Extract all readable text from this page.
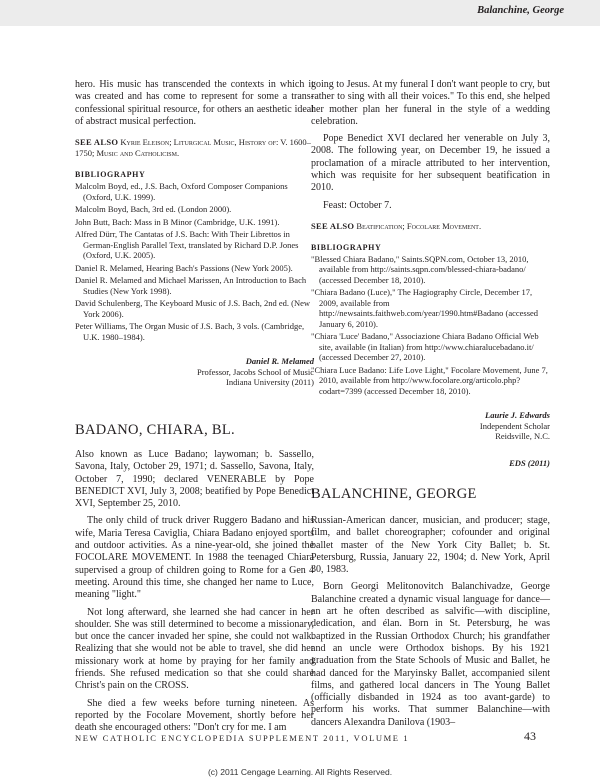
Balanchine, George

hero. His music has transcended the contexts in which it was created and has come to represent for some a trans-confessional spiritual resource, for others an aesthetic ideal of abstract musical perfection.

SEE ALSO Kyrie Eleison; Liturgical Music, History of: V. 1600–1750; Music and Catholicism.

BIBLIOGRAPHY

Malcolm Boyd, ed., J.S. Bach, Oxford Composer Companions (Oxford, U.K. 1999).

Malcolm Boyd, Bach, 3rd ed. (London 2000).

John Butt, Bach: Mass in B Minor (Cambridge, U.K. 1991).

Alfred Dürr, The Cantatas of J.S. Bach: With Their Librettos in German-English Parallel Text, translated by Richard D.P. Jones (Oxford, U.K. 2005).

Daniel R. Melamed, Hearing Bach's Passions (New York 2005).

Daniel R. Melamed and Michael Marissen, An Introduction to Bach Studies (New York 1998).

David Schulenberg, The Keyboard Music of J.S. Bach, 2nd ed. (New York 2006).

Peter Williams, The Organ Music of J.S. Bach, 3 vols. (Cambridge, U.K. 1980–1984).

Daniel R. Melamed
Professor, Jacobs School of Music
Indiana University (2011)
BADANO, CHIARA, BL.

Also known as Luce Badano; laywoman; b. Sassello, Savona, Italy, October 29, 1971; d. Sassello, Savona, Italy, October 7, 1990; declared VENERABLE by Pope BENEDICT XVI, July 3, 2008; beatified by Pope Benedict XVI, September 25, 2010.

The only child of truck driver Ruggero Badano and his wife, Maria Teresa Caviglia, Chiara Badano enjoyed sports and outdoor activities. As a nine-year-old, she joined the FOCOLARE MOVEMENT. In 1988 the teenaged Chiara supervised a group of children going to Rome for a Gen 4 meeting. Around this time, she changed her name to Luce, meaning "light."

Not long afterward, she learned she had cancer in her shoulder. She was still determined to become a missionary, but once the cancer invaded her spine, she could not walk. Realizing that she would not be able to travel, she did her missionary work at home by praying for her family and friends. She refused medication so that she could share Christ's pain on the CROSS.

She died a few weeks before turning nineteen. As reported by the Focolare Movement, shortly before her death she encouraged others: "Don't cry for me. I am

going to Jesus. At my funeral I don't want people to cry, but rather to sing with all their voices." To this end, she helped her mother plan her funeral in the style of a wedding celebration.

Pope Benedict XVI declared her venerable on July 3, 2008. The following year, on December 19, he issued a proclamation of a miracle attributed to her intervention, which was requisite for her subsequent beatification in 2010.

Feast: October 7.

SEE ALSO Beatification; Focolare Movement.

BIBLIOGRAPHY

"Blessed Chiara Badano," Saints.SQPN.com, October 13, 2010, available from http://saints.sqpn.com/blessed-chiara-badano/ (accessed December 18, 2010).

"Chiara Badano (Luce)," The Hagiography Circle, December 17, 2009, available from http://newsaints.faithweb.com/year/1990.htm#Badano (accessed January 6, 2010).

"Chiara 'Luce' Badano," Associazione Chiara Badano Official Web site, available (in Italian) from http://www.chiaralucebadano.it/ (accessed December 27, 2010).

"Chiara Luce Badano: Life Love Light," Focolare Movement, June 7, 2010, available from http://www.focolare.org/articolo.php?codart=7399 (accessed December 18, 2010).

Laurie J. Edwards
Independent Scholar
Reidsville, N.C.
EDS (2011)
BALANCHINE, GEORGE

Russian-American dancer, musician, and producer; stage, film, and ballet choreographer; cofounder and original ballet master of the New York City Ballet; b. St. Petersburg, Russia, January 22, 1904; d. New York, April 30, 1983.

Born Georgi Melitonovitch Balanchivadze, George Balanchine created a dynamic visual language for dance—an art he often described as salvific—with discipline, dedication, and élan. Born in St. Petersburg, he was baptized in the Russian Orthodox Church; his grandfather and an uncle were Orthodox bishops. By his 1921 graduation from the State Schools of Music and Ballet, he had danced for the Maryinsky Ballet, accompanied silent films, and gathered local dancers in The Young Ballet (officially disbanded in 1924 as too avant-garde) to perform his works. That summer Balanchine—with dancers Alexandra Danilova (1903–

NEW CATHOLIC ENCYCLOPEDIA SUPPLEMENT 2011, VOLUME 1	43
(c) 2011 Cengage Learning. All Rights Reserved.
